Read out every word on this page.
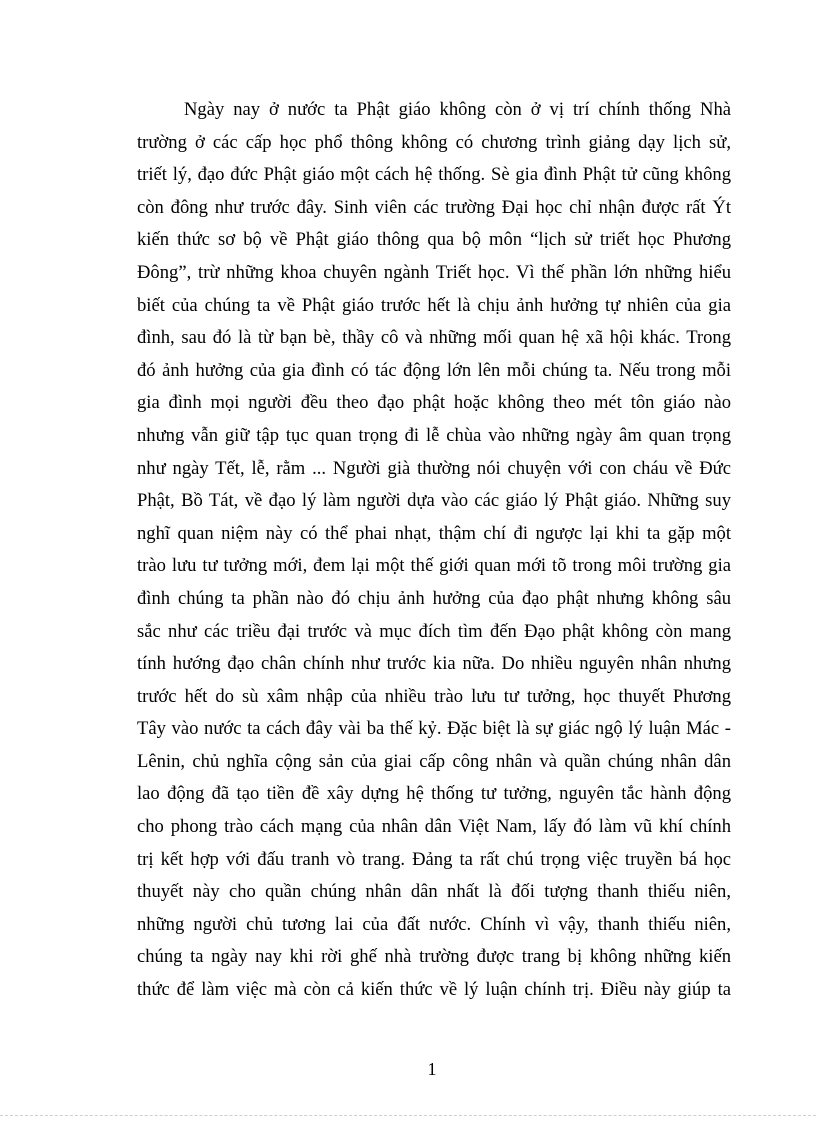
Ngày nay ở nước ta Phật giáo không còn ở vị trí chính thống Nhà
trường ở các cấp học phổ thông không có chương trình giảng dạy lịch sử,
triết lý, đạo đức Phật giáo một cách hệ thống. Sè gia đình Phật tử cũng không
còn đông như trước đây. Sinh viên các trường Đại học chỉ nhận được rất Ýt
kiến thức sơ bộ về Phật giáo thông qua bộ môn “lịch sử triết học Phương
Đông”, trừ những khoa chuyên ngành Triết học. Vì thế phần lớn những hiểu
biết của chúng ta về Phật giáo trước hết là chịu ảnh hưởng tự nhiên của gia
đình, sau đó là từ bạn bè, thầy cô và những mối quan hệ xã hội khác. Trong
đó ảnh hưởng của gia đình có tác động lớn lên mỗi chúng ta. Nếu trong mỗi
gia đình mọi người đều theo đạo phật hoặc không theo mét tôn giáo nào
nhưng vẫn giữ tập tục quan trọng đi lễ chùa vào những ngày âm quan trọng
như ngày Tết, lễ, rằm ... Người già thường nói chuyện với con cháu về Đức
Phật, Bồ Tát, về đạo lý làm người dựa vào các giáo lý Phật giáo. Những suy
nghĩ quan niệm này có thể phai nhạt, thậm chí đi ngược lại khi ta gặp một
trào lưu tư tưởng mới, đem lại một thế giới quan mới tõ trong môi trường gia
đình chúng ta phần nào đó chịu ảnh hưởng của đạo phật nhưng không sâu
sắc như các triều đại trước và mục đích tìm đến Đạo phật không còn mang
tính hướng đạo chân chính như trước kia nữa. Do nhiều nguyên nhân nhưng
trước hết do sù xâm nhập của nhiều trào lưu tư tưởng, học thuyết Phương
Tây vào nước ta cách đây vài ba thế kỷ. Đặc biệt là sự giác ngộ lý luận Mác -
Lênin, chủ nghĩa cộng sản của giai cấp công nhân và quần chúng nhân dân
lao động đã tạo tiền đề xây dựng hệ thống tư tưởng, nguyên tắc hành động
cho phong trào cách mạng của nhân dân Việt Nam, lấy đó làm vũ khí chính
trị kết hợp với đấu tranh vò trang. Đảng ta rất chú trọng việc truyền bá học
thuyết này cho quần chúng nhân dân nhất là đối tượng thanh thiếu niên,
những người chủ tương lai của đất nước. Chính vì vậy, thanh thiếu niên,
chúng ta ngày nay khi rời ghế nhà trường được trang bị không những kiến
thức để làm việc mà còn cả kiến thức về lý luận chính trị. Điều này giúp ta
1
